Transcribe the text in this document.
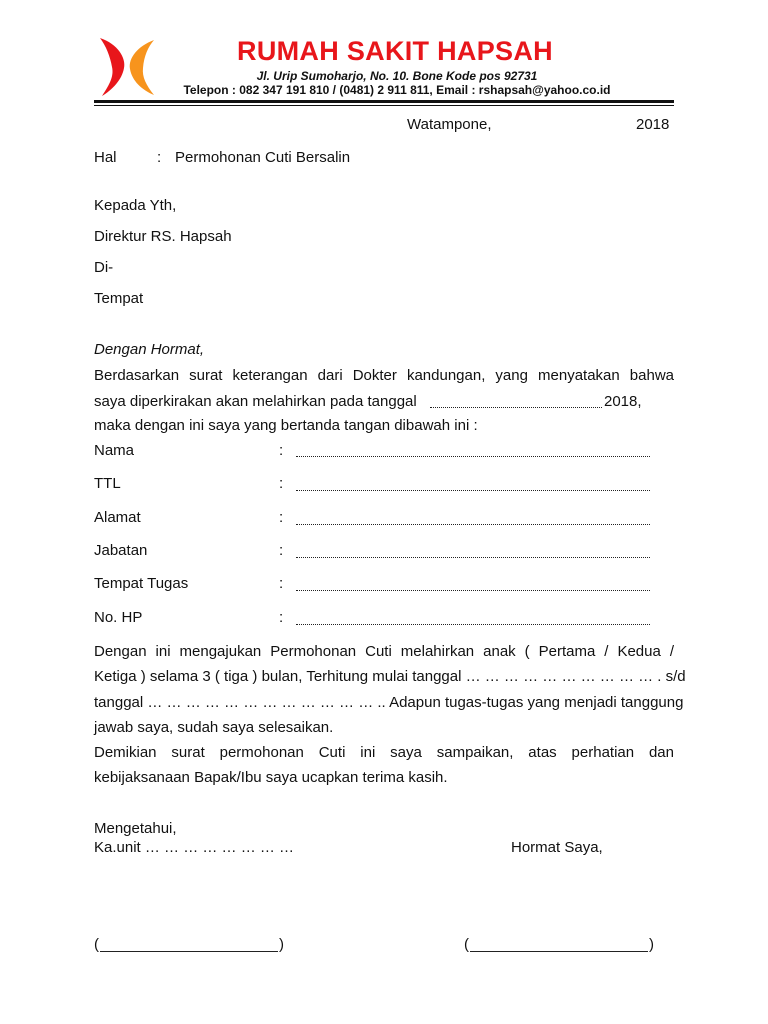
RUMAH SAKIT HAPSAH
Jl. Urip Sumoharjo, No. 10. Bone Kode pos 92731
Telepon : 082 347 191 810 / (0481) 2 911 811, Email : rshapsah@yahoo.co.id
Watampone,	2018
Hal	: Permohonan Cuti Bersalin
Kepada Yth,
Direktur RS. Hapsah
Di-
Tempat
Dengan Hormat,
Berdasarkan surat keterangan dari Dokter kandungan, yang menyatakan bahwa
saya diperkirakan akan melahirkan pada tanggal	2018,
maka dengan ini saya yang bertanda tangan dibawah ini :
Nama	:
TTL	:
Alamat	:
Jabatan	:
Tempat Tugas	:
No. HP	:
Dengan ini mengajukan Permohonan Cuti melahirkan anak ( Pertama / Kedua /
Ketiga ) selama 3 ( tiga ) bulan, Terhitung mulai tanggal … … … … … … … … … … . s/d
tanggal … … … … … … … … … … … … .. Adapun tugas-tugas yang menjadi tanggung
jawab saya, sudah saya selesaikan.
Demikian surat permohonan Cuti ini saya sampaikan, atas perhatian dan
kebijaksanaan Bapak/Ibu saya ucapkan terima kasih.
Mengetahui,
Ka.unit … … … … … … … …	Hormat Saya,
(	)	(	)
